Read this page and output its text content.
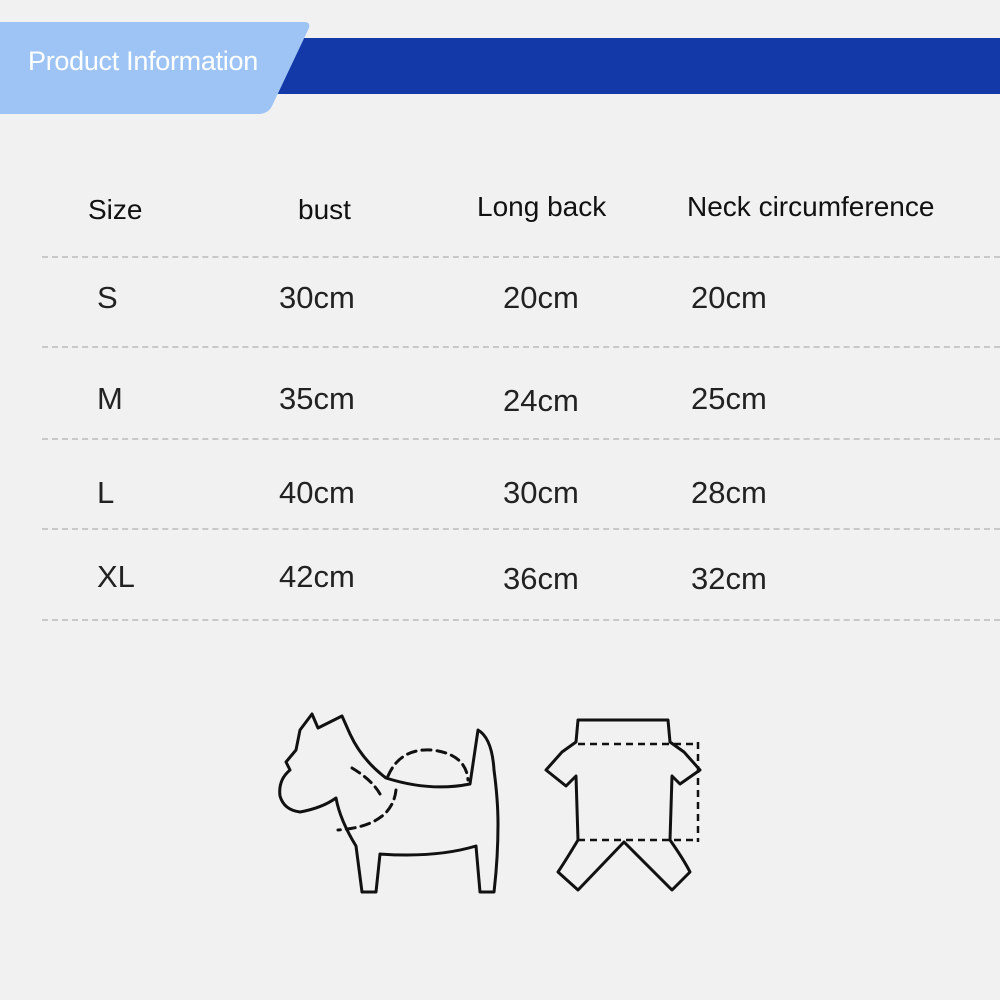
Product Information
Size	bust	Long back	Neck circumference
S	30cm	20cm	20cm
M	35cm	24cm	25cm
L	40cm	30cm	28cm
XL	42cm	36cm	32cm
